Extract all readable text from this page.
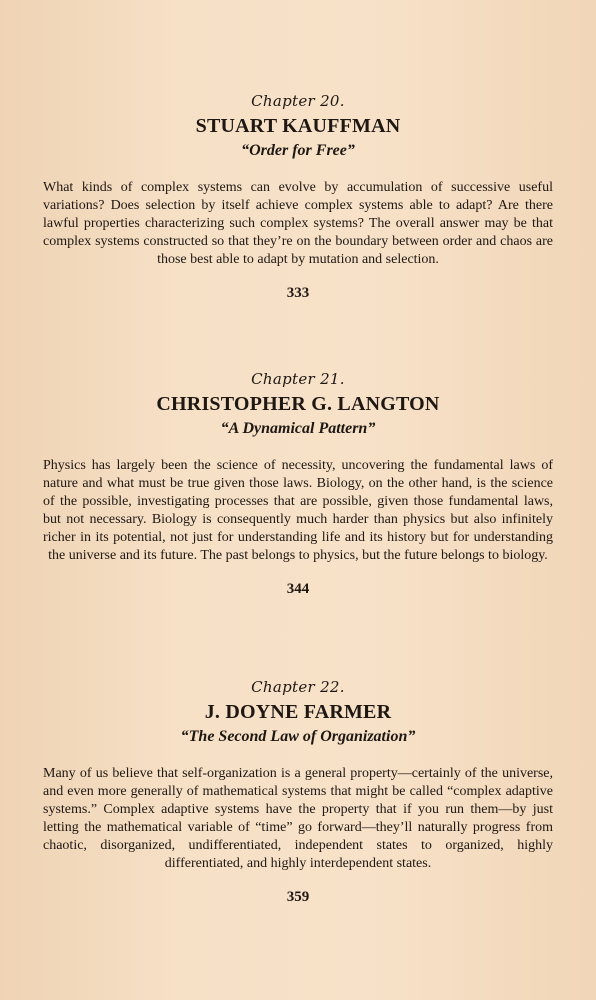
Chapter 20.
STUART KAUFFMAN
“Order for Free”

What kinds of complex systems can evolve by accumulation of successive useful variations? Does selection by itself achieve complex systems able to adapt? Are there lawful properties characterizing such complex systems? The overall answer may be that complex systems constructed so that they’re on the boundary between order and chaos are those best able to adapt by mutation and selection.

333
Chapter 21.
CHRISTOPHER G. LANGTON
“A Dynamical Pattern”

Physics has largely been the science of necessity, uncovering the fundamental laws of nature and what must be true given those laws. Biology, on the other hand, is the science of the possible, investigating processes that are possible, given those fundamental laws, but not necessary. Biology is consequently much harder than physics but also infinitely richer in its potential, not just for understanding life and its history but for understanding the universe and its future. The past belongs to physics, but the future belongs to biology.

344
Chapter 22.
J. DOYNE FARMER
“The Second Law of Organization”

Many of us believe that self-organization is a general property—certainly of the universe, and even more generally of mathematical systems that might be called “complex adaptive systems.” Complex adaptive systems have the property that if you run them—by just letting the mathematical variable of “time” go forward—they’ll naturally progress from chaotic, disorganized, undifferentiated, independent states to organized, highly differentiated, and highly interdependent states.

359
